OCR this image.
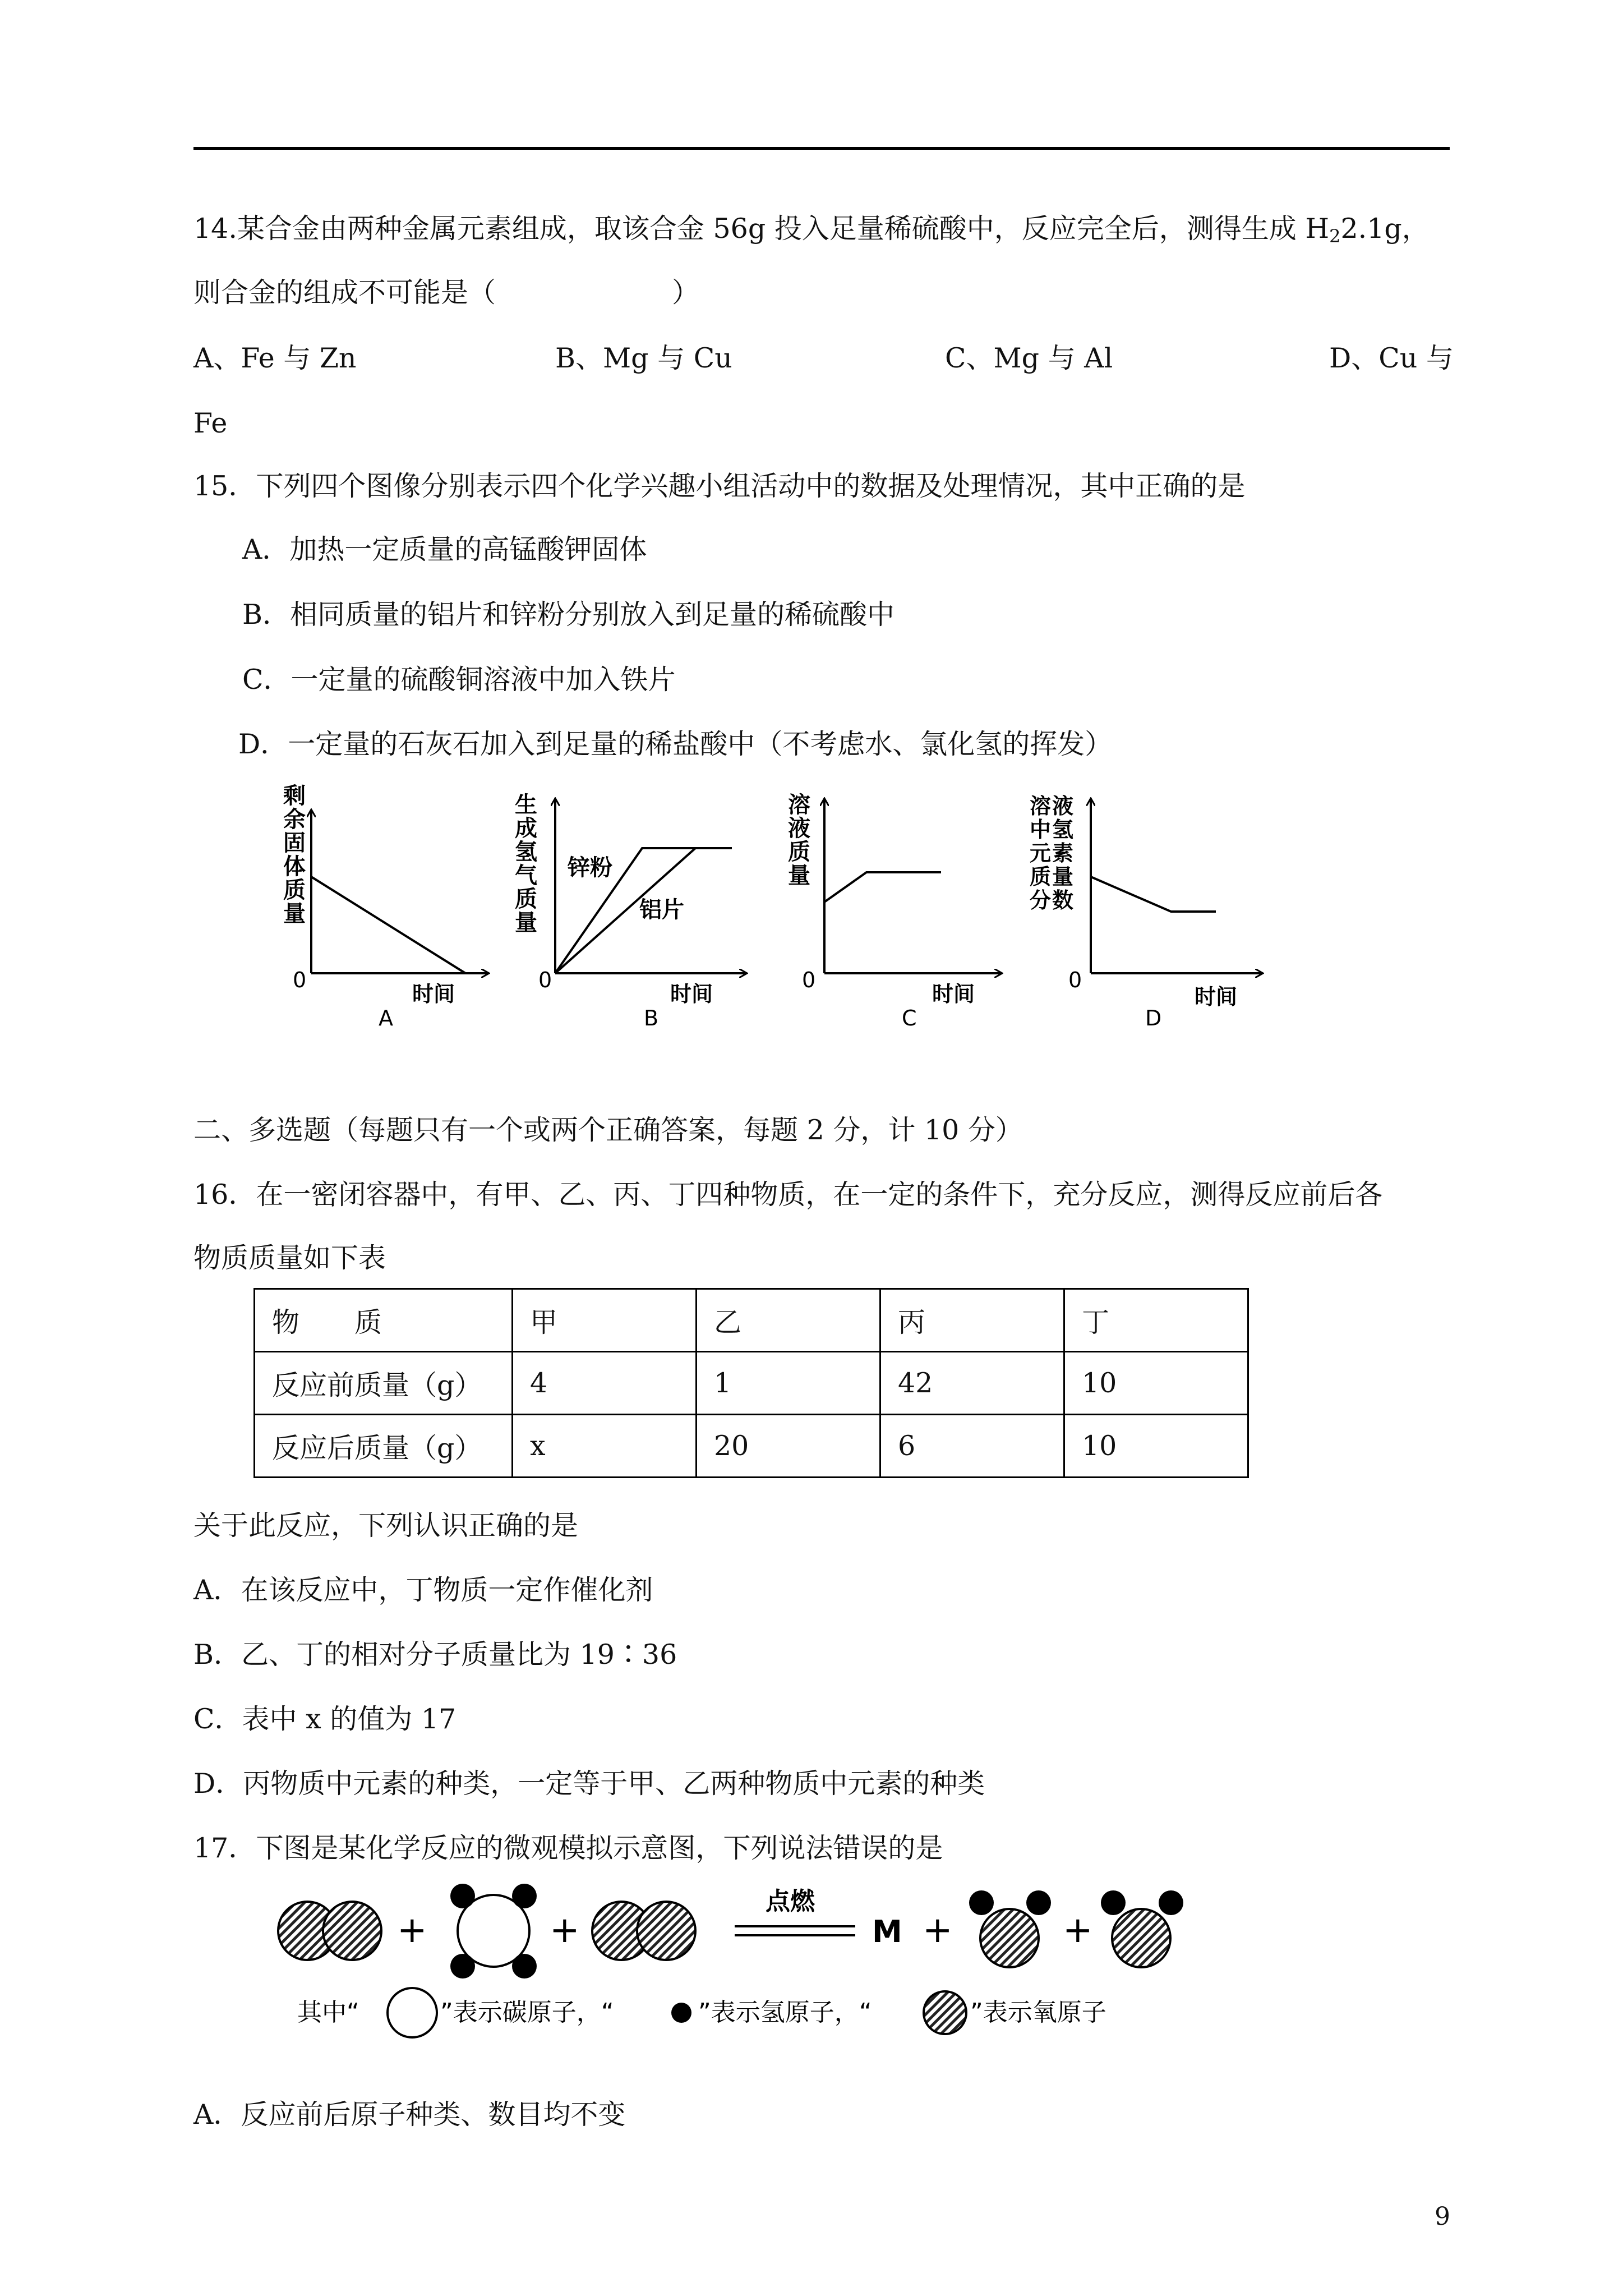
14.某合金由两种金属元素组成，取该合金 56g 投入足量稀硫酸中，反应完全后，测得生成 $H_22.1g$，
则合金的组成不可能是（	）
A、Fe 与 Zn	B、Mg 与 Cu	C、Mg 与 Al	D、Cu 与
Fe
15．下列四个图像分别表示四个化学兴趣小组活动中的数据及处理情况，其中正确的是
A．加热一定质量的高锰酸钾固体
B．相同质量的铝片和锌粉分别放入到足量的稀硫酸中
C．一定量的硫酸铜溶液中加入铁片
D．一定量的石灰石加入到足量的稀盐酸中（不考虑水、氯化氢的挥发）
剩 余 固 体 质 量
0
时间
A
生 成 氢 气 质 量
锌粉
铝片
0
时间
B
溶 液 质 量
0
时间
C
溶 中 元 质 分
液 氢 素 量 数
0
时间
D
二、多选题（每题只有一个或两个正确答案，每题 2 分，计 10 分）
16．在一密闭容器中，有甲、乙、丙、丁四种物质，在一定的条件下，充分反应，测得反应前后各
物质质量如下表
物　　质	甲	乙	丙	丁
反应前质量（g）	4	1	42	10
反应后质量（g）	x	20	6	10
关于此反应，下列认识正确的是
A．在该反应中，丁物质一定作催化剂
B．乙、丁的相对分子质量比为 19∶36
C．表中 x 的值为 17
D．丙物质中元素的种类，一定等于甲、乙两种物质中元素的种类
17．下图是某化学反应的微观模拟示意图，下列说法错误的是
+	+
点燃
M +	+
其中“	”表示碳原子，“	”表示氢原子，“	”表示氧原子
A．反应前后原子种类、数目均不变
9
